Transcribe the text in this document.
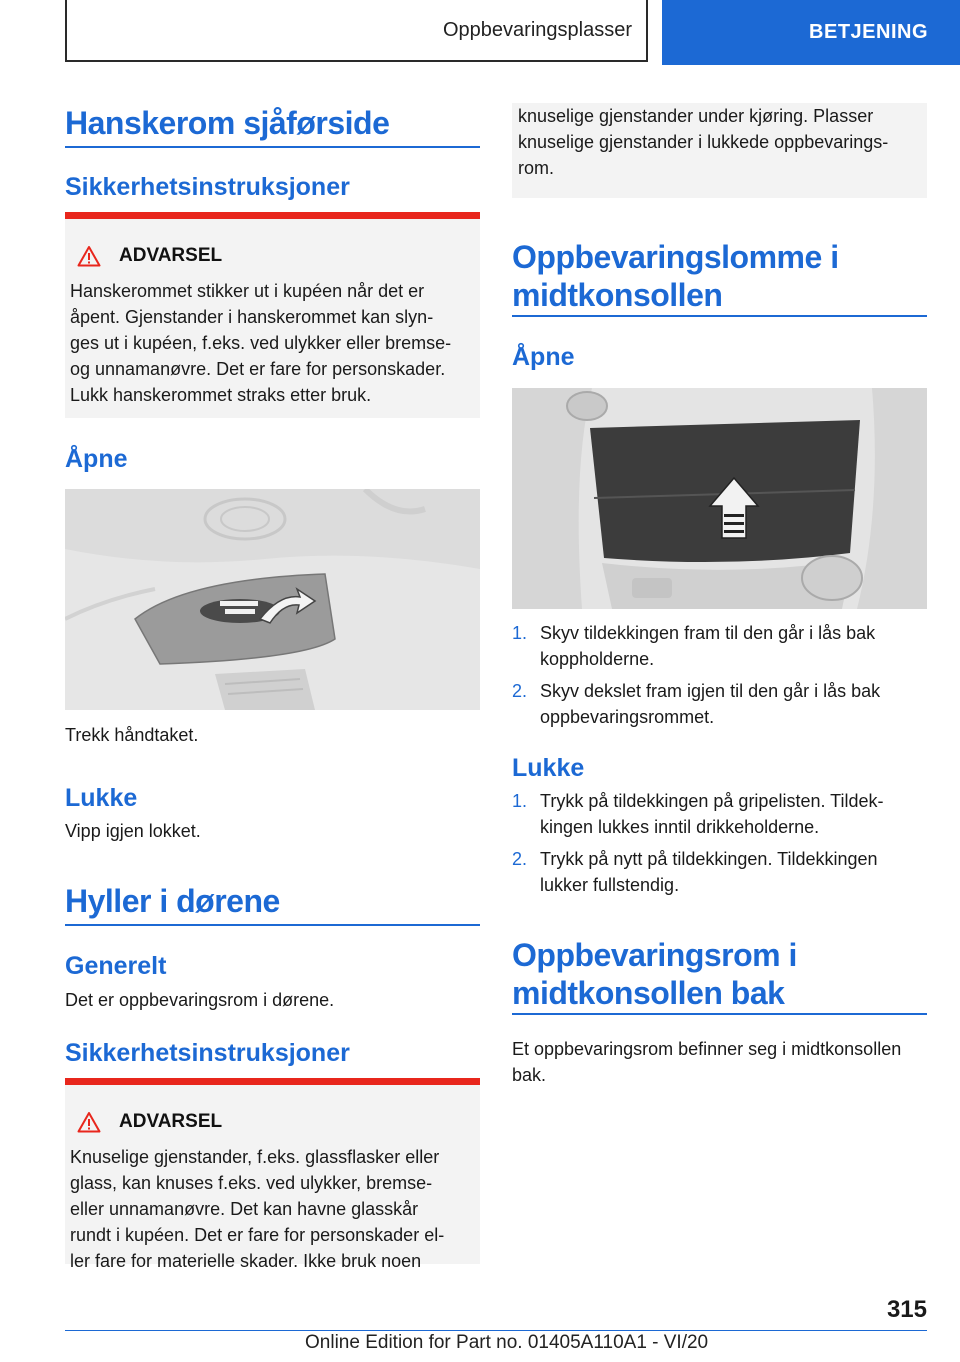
Oppbevaringsplasser	BETJENING
Hanskerom sjåførside
Sikkerhetsinstruksjoner
ADVARSEL
Hanskerommet stikker ut i kupéen når det er
åpent. Gjenstander i hanskerommet kan slyn-
ges ut i kupéen, f.eks. ved ulykker eller bremse-
og unnamanøvre. Det er fare for personskader.
Lukk hanskerommet straks etter bruk.
Åpne
Trekk håndtaket.
Lukke
Vipp igjen lokket.
Hyller i dørene
Generelt
Det er oppbevaringsrom i dørene.
Sikkerhetsinstruksjoner
ADVARSEL
Knuselige gjenstander, f.eks. glassflasker eller
glass, kan knuses f.eks. ved ulykker, bremse-
eller unnamanøvre. Det kan havne glasskår
rundt i kupéen. Det er fare for personskader el-
ler fare for materielle skader. Ikke bruk noen
knuselige gjenstander under kjøring. Plasser
knuselige gjenstander i lukkede oppbevarings-
rom.
Oppbevaringslomme i
midtkonsollen
Åpne
1. Skyv tildekkingen fram til den går i lås bak
koppholderne.
2. Skyv dekslet fram igjen til den går i lås bak
oppbevaringsrommet.
Lukke
1. Trykk på tildekkingen på gripelisten. Tildek-
kingen lukkes inntil drikkeholderne.
2. Trykk på nytt på tildekkingen. Tildekkingen
lukker fullstendig.
Oppbevaringsrom i
midtkonsollen bak
Et oppbevaringsrom befinner seg i midtkonsollen
bak.
315
Online Edition for Part no. 01405A110A1 - VI/20
